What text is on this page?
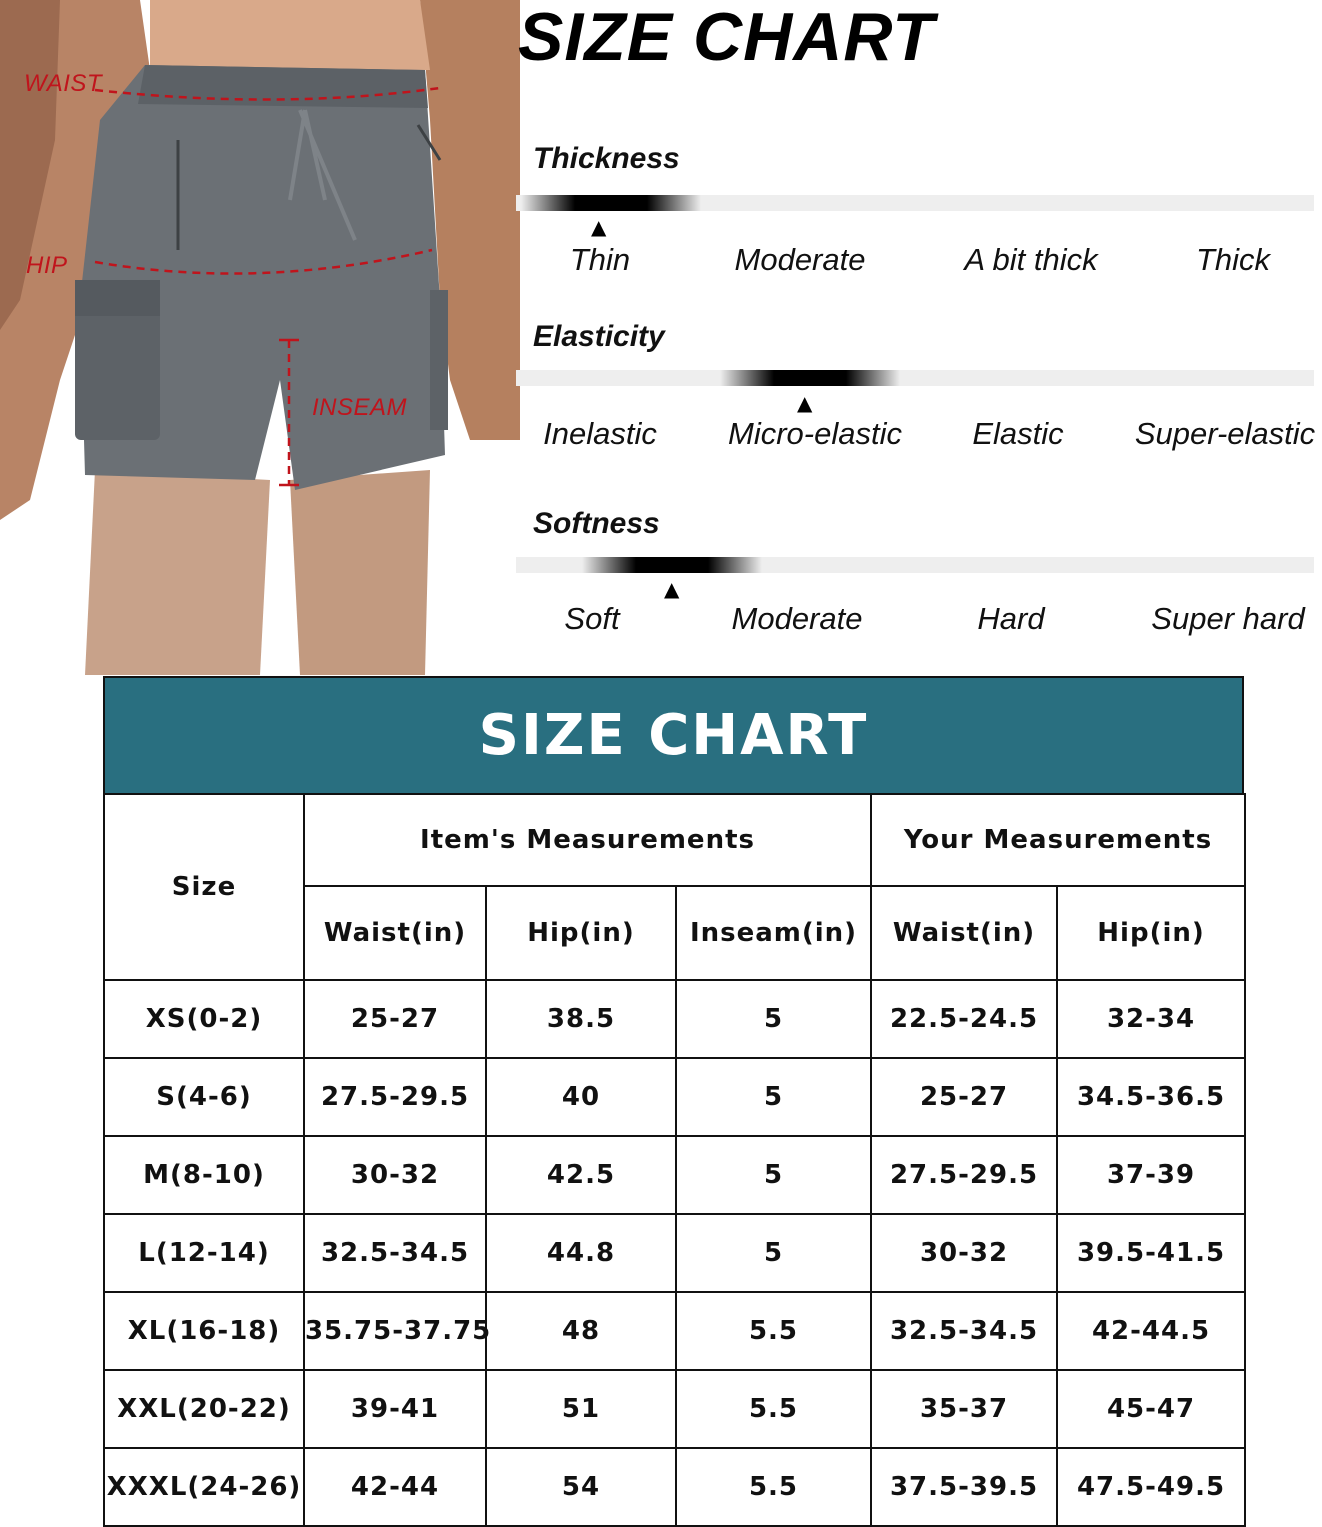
WAIST
HIP
INSEAM
SIZE CHART
Thickness
▲
Thin	Moderate	A bit thick	Thick
Elasticity
▲
Inelastic Micro-elastic Elastic Super-elastic
Softness
▲
Soft	Moderate	Hard	Super hard
SIZE CHART
Size	Item's Measurements			Your Measurements	
	Waist(in)	Hip(in)	Inseam(in)	Waist(in)	Hip(in)
XS(0-2)	25-27	38.5	5	22.5-24.5	32-34
S(4-6)	27.5-29.5	40	5	25-27	34.5-36.5
M(8-10)	30-32	42.5	5	27.5-29.5	37-39
L(12-14)	32.5-34.5	44.8	5	30-32	39.5-41.5
XL(16-18)	35.75-37.75	48	5.5	32.5-34.5	42-44.5
XXL(20-22)	39-41	51	5.5	35-37	45-47
XXXL(24-26)	42-44	54	5.5	37.5-39.5	47.5-49.5
